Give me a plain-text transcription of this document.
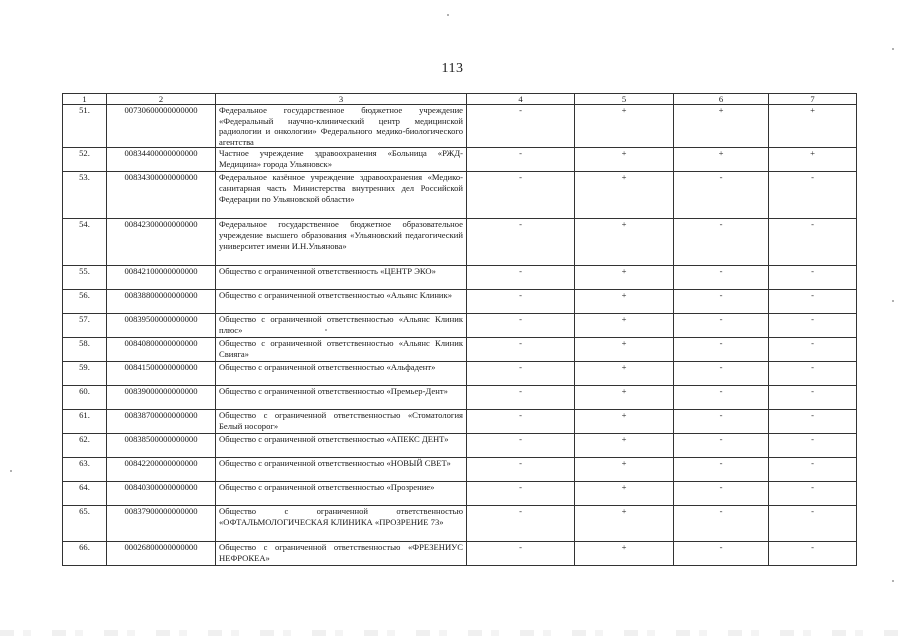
113
1	2	3	4	5	6	7
51.	00730600000000000	Федеральное государственное бюджетное учреждение «Федеральный научно-клинический центр медицинской радиологии и онкологии» Федерального медико-биологического агентства	-	+	+	+
52.	00834400000000000	Частное учреждение здравоохранения «Больница «РЖД-Медицина» города Ульяновск»	-	+	+	+
53.	00834300000000000	Федеральное казённое учреждение здравоохранения «Медико-санитарная часть Министерства внутренних дел Российской Федерации по Ульяновской области»	-	+	-	-
54.	00842300000000000	Федеральное государственное бюджетное образовательное учреждение высшего образования «Ульяновский педагогический университет имени И.Н.Ульянова»	-	+	-	-
55.	00842100000000000	Общество с ограниченной ответственность «ЦЕНТР ЭКО»	-	+	-	-
56.	00838800000000000	Общество с ограниченной ответственностью «Альянс Клиник»	-	+	-	-
57.	00839500000000000	Общество с ограниченной ответственностью «Альянс Клиник плюс»	-	+	-	-
58.	00840800000000000	Общество с ограниченной ответственностью «Альянс Клиник Свияга»	-	+	-	-
59.	00841500000000000	Общество с ограниченной ответственностью «Альфадент»	-	+	-	-
60.	00839000000000000	Общество с ограниченной ответственностью «Премьер-Дент»	-	+	-	-
61.	00838700000000000	Общество с ограниченной ответственностью «Стоматология Белый носорог»	-	+	-	-
62.	00838500000000000	Общество с ограниченной ответственностью «АПЕКС ДЕНТ»	-	+	-	-
63.	00842200000000000	Общество с ограниченной ответственностью «НОВЫЙ СВЕТ»	-	+	-	-
64.	00840300000000000	Общество с ограниченной ответственностью «Прозрение»	-	+	-	-
65.	00837900000000000	Общество с ограниченной ответственностью «ОФТАЛЬМОЛОГИЧЕСКАЯ КЛИНИКА «ПРОЗРЕНИЕ 73»	-	+	-	-
66.	00026800000000000	Общество с ограниченной ответственностью «ФРЕЗЕНИУС НЕФРОКЕА»	-	+	-	-
